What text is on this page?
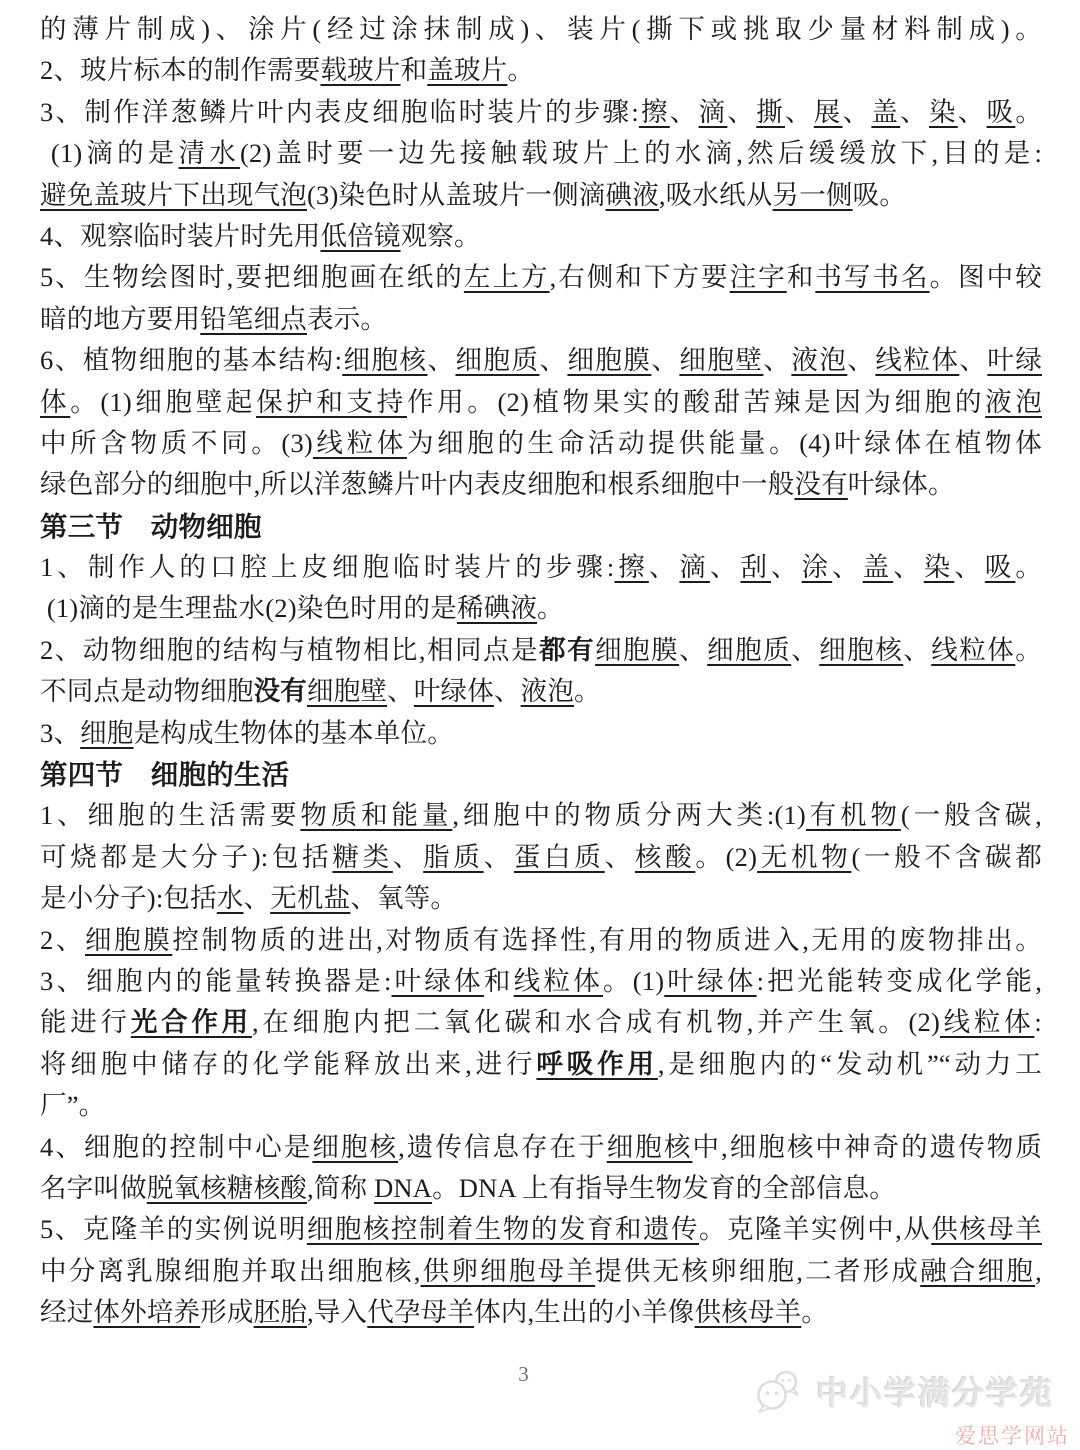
的薄片制成)、涂片(经过涂抹制成)、装片(撕下或挑取少量材料制成)。
2、玻片标本的制作需要载玻片和盖玻片。
3、制作洋葱鳞片叶内表皮细胞临时装片的步骤:擦、滴、撕、展、盖、染、吸。
(1)滴的是清水(2)盖时要一边先接触载玻片上的水滴,然后缓缓放下,目的是:
避免盖玻片下出现气泡(3)染色时从盖玻片一侧滴碘液,吸水纸从另一侧吸。
4、观察临时装片时先用低倍镜观察。
5、生物绘图时,要把细胞画在纸的左上方,右侧和下方要注字和书写书名。图中较
暗的地方要用铅笔细点表示。
6、植物细胞的基本结构:细胞核、细胞质、细胞膜、细胞壁、液泡、线粒体、叶绿
体。(1)细胞壁起保护和支持作用。(2)植物果实的酸甜苦辣是因为细胞的液泡
中所含物质不同。(3)线粒体为细胞的生命活动提供能量。(4)叶绿体在植物体
绿色部分的细胞中,所以洋葱鳞片叶内表皮细胞和根系细胞中一般没有叶绿体。
第三节　动物细胞
1、制作人的口腔上皮细胞临时装片的步骤:擦、滴、刮、涂、盖、染、吸。
(1)滴的是生理盐水(2)染色时用的是稀碘液。
2、动物细胞的结构与植物相比,相同点是都有细胞膜、细胞质、细胞核、线粒体。
不同点是动物细胞没有细胞壁、叶绿体、液泡。
3、细胞是构成生物体的基本单位。
第四节　细胞的生活
1、细胞的生活需要物质和能量,细胞中的物质分两大类:(1)有机物(一般含碳,
可烧都是大分子):包括糖类、脂质、蛋白质、核酸。(2)无机物(一般不含碳都
是小分子):包括水、无机盐、氧等。
2、细胞膜控制物质的进出,对物质有选择性,有用的物质进入,无用的废物排出。
3、细胞内的能量转换器是:叶绿体和线粒体。(1)叶绿体:把光能转变成化学能,
能进行光合作用,在细胞内把二氧化碳和水合成有机物,并产生氧。(2)线粒体:
将细胞中储存的化学能释放出来,进行呼吸作用,是细胞内的“发动机”“动力工
厂”。
4、细胞的控制中心是细胞核,遗传信息存在于细胞核中,细胞核中神奇的遗传物质
名字叫做脱氧核糖核酸,简称 DNA。DNA 上有指导生物发育的全部信息。
5、克隆羊的实例说明细胞核控制着生物的发育和遗传。克隆羊实例中,从供核母羊
中分离乳腺细胞并取出细胞核,供卵细胞母羊提供无核卵细胞,二者形成融合细胞,
经过体外培养形成胚胎,导入代孕母羊体内,生出的小羊像供核母羊。
3
中小学满分学苑
爱思学网站
